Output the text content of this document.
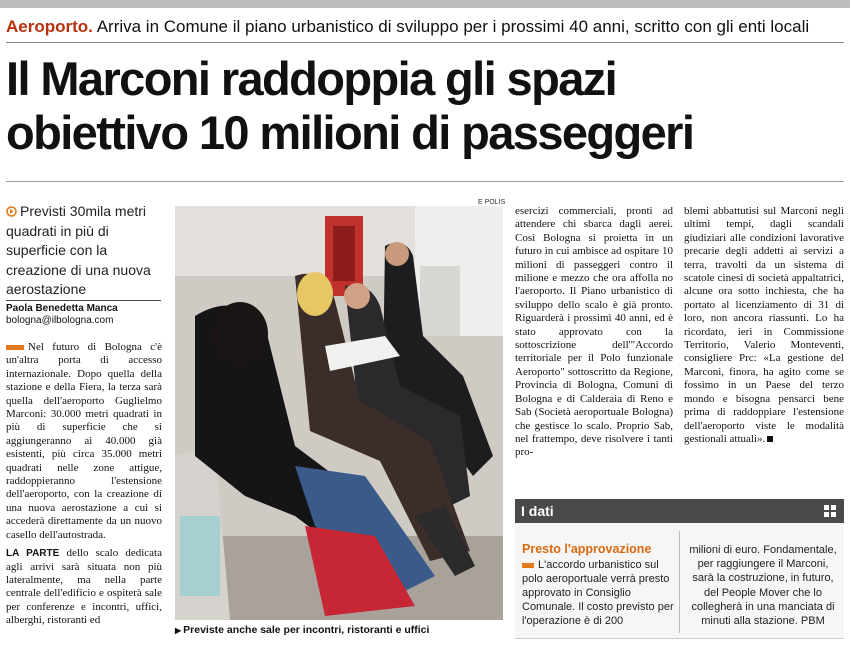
Aeroporto. Arriva in Comune il piano urbanistico di sviluppo per i prossimi 40 anni, scritto con gli enti locali
Il Marconi raddoppia gli spazi
obiettivo 10 milioni di passeggeri
Previsti 30mila metri quadrati in più di superficie con la creazione di una nuova aerostazione
Paola Benedetta Manca
bologna@ilbologna.com

Nel futuro di Bologna c'è un'altra porta di accesso internazionale. Dopo quella della stazione e della Fiera, la terza sarà quella dell'aeroporto Guglielmo Marconi: 30.000 metri quadrati in più di superficie che si aggiungeranno ai 40.000 già esistenti, più circa 35.000 metri quadrati nelle zone attigue, raddoppieranno l'estensione dell'aeroporto, con la creazione di una nuova aerostazione a cui si accederà direttamente da un nuovo casello dell'autostrada.

LA PARTE dello scalo dedicata agli arrivi sarà situata non più lateralmente, ma nella parte centrale dell'edificio e ospiterà sale per conferenze e incontri, uffici, alberghi, ristoranti ed

E POLIS
▶ Previste anche sale per incontri, ristoranti e uffici
esercizi commerciali, pronti ad attendere chi sbarca dagli aerei. Così Bologna si proietta in un futuro in cui ambisce ad ospitare 10 milioni di passeggeri contro il milione e mezzo che ora affolla no l'aeroporto. Il Piano urbanistico di sviluppo dello scalo è già pronto. Riguarderà i prossimi 40 anni, ed è stato approvato con la sottoscrizione dell'"Accordo territoriale per il Polo funzionale Aeroporto" sottoscritto da Regione, Provincia di Bologna, Comuni di Bologna e di Calderaia di Reno e Sab (Società aeroportuale Bologna) che gestisce lo scalo. Proprio Sab, nel frattempo, deve risolvere i tanti pro-
blemi abbattutisi sul Marconi negli ultimi tempi, dagli scandali giudiziari alle condizioni lavorative precarie degli addetti ai servizi a terra, travolti da un sistema di scatole cinesi di società appaltatrici, alcune ora sotto inchiesta, che ha portato al licenziamento di 31 di loro, non ancora riassunti. Lo ha ricordato, ieri in Commissione Territorio, Valerio Monteventi, consigliere Prc: «La gestione del Marconi, finora, ha agito come se fossimo in un Paese del terzo mondo e bisogna pensarci bene prima di raddoppiare l'estensione dell'aeroporto viste le modalità gestionali attuali».
I dati
Presto l'approvazione
L'accordo urbanistico sul polo aeroportuale verrà presto approvato in Consiglio Comunale. Il costo previsto per l'operazione è di 200
milioni di euro. Fondamentale, per raggiungere il Marconi, sarà la costruzione, in futuro, del People Mover che lo collegherà in una manciata di minuti alla stazione. PBM
